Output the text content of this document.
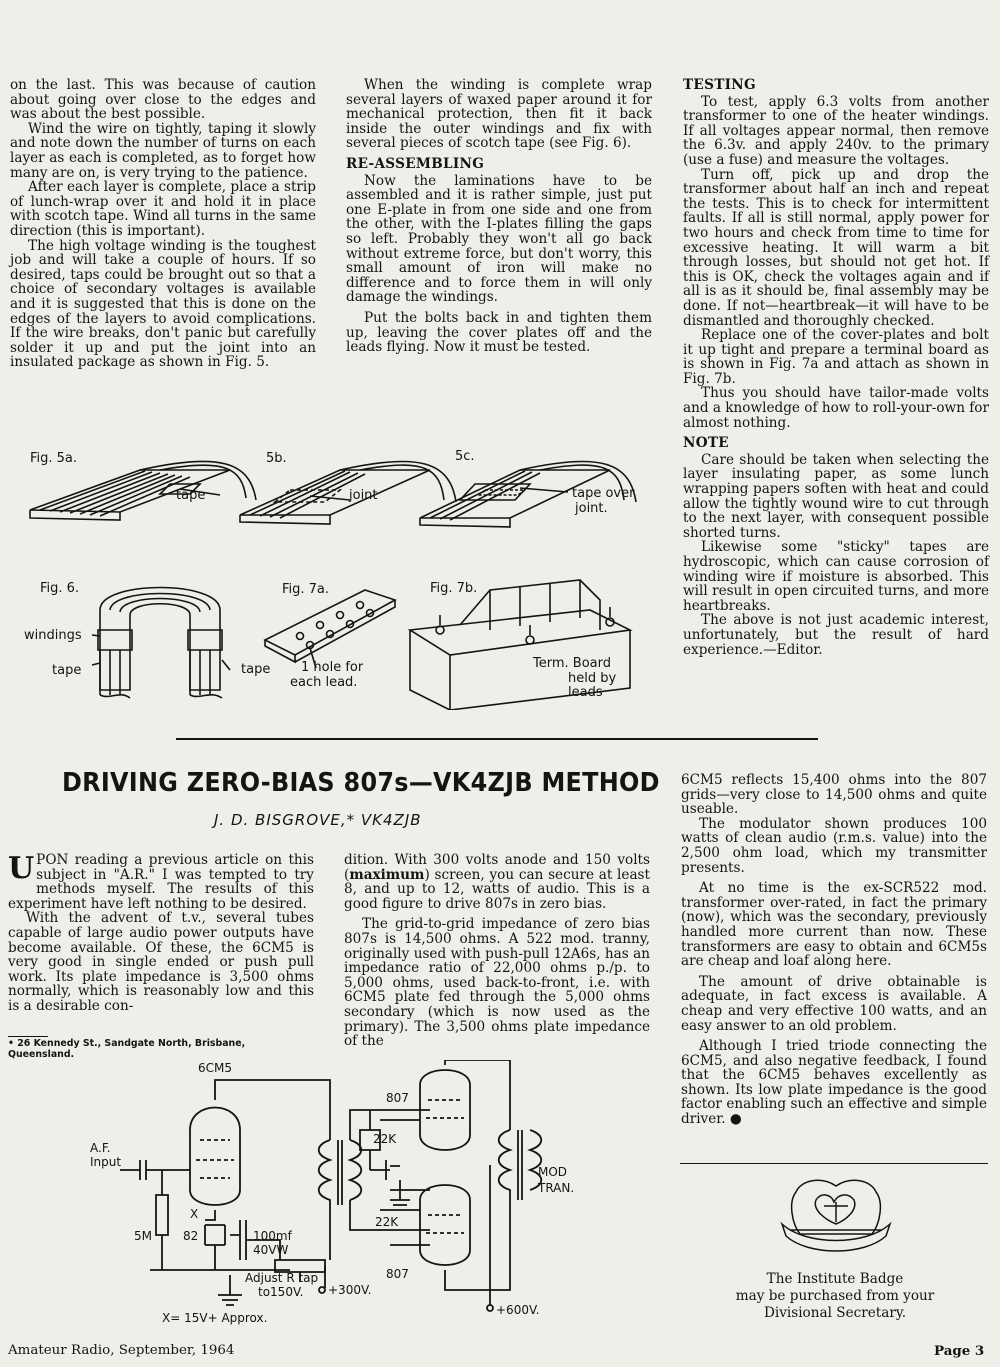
on the last. This was because of caution about going over close to the edges and was about the best possible.

Wind the wire on tightly, taping it slowly and note down the number of turns on each layer as each is completed, as to forget how many are on, is very trying to the patience.

After each layer is complete, place a strip of lunch-wrap over it and hold it in place with scotch tape. Wind all turns in the same direction (this is important).

The high voltage winding is the toughest job and will take a couple of hours. If so desired, taps could be brought out so that a choice of secondary voltages is available and it is suggested that this is done on the edges of the layers to avoid complications. If the wire breaks, don't panic but carefully solder it up and put the joint into an insulated package as shown in Fig. 5.

When the winding is complete wrap several layers of waxed paper around it for mechanical protection, then fit it back inside the outer windings and fix with several pieces of scotch tape (see Fig. 6).

RE-ASSEMBLING

Now the laminations have to be assembled and it is rather simple, just put one E-plate in from one side and one from the other, with the I-plates filling the gaps so left. Probably they won't all go back without extreme force, but don't worry, this small amount of iron will make no difference and to force them in will only damage the windings.

Put the bolts back in and tighten them up, leaving the cover plates off and the leads flying. Now it must be tested.

TESTING

To test, apply 6.3 volts from another transformer to one of the heater windings. If all voltages appear normal, then remove the 6.3v. and apply 240v. to the primary (use a fuse) and measure the voltages.

Turn off, pick up and drop the transformer about half an inch and repeat the tests. This is to check for intermittent faults. If all is still normal, apply power for two hours and check from time to time for excessive heating. It will warm a bit through losses, but should not get hot. If this is OK, check the voltages again and if all is as it should be, final assembly may be done. If not—heartbreak—it will have to be dismantled and thoroughly checked.

Replace one of the cover-plates and bolt it up tight and prepare a terminal board as is shown in Fig. 7a and attach as shown in Fig. 7b.

Thus you should have tailor-made volts and a knowledge of how to roll-your-own for almost nothing.

NOTE

Care should be taken when selecting the layer insulating paper, as some lunch wrapping papers soften with heat and could allow the tightly wound wire to cut through to the next layer, with consequent possible shorted turns.

Likewise some "sticky" tapes are hydroscopic, which can cause corrosion of winding wire if moisture is absorbed. This will result in open circuited turns, and more heartbreaks.

The above is not just academic interest, unfortunately, but the result of hard experience.—Editor.

Fig. 5a.	5b.	5c.
tape	joint	tape over
joint.
Fig. 6.
windings
tape	tape
Fig. 7a.
1 hole for
each lead.
Fig. 7b.
Term. Board
held by
leads
DRIVING ZERO-BIAS 807s—VK4ZJB METHOD
J. D. BISGROVE,* VK4ZJB

UPON reading a previous article on this subject in "A.R." I was tempted to try methods myself. The results of this experiment have left nothing to be desired.

With the advent of t.v., several tubes capable of large audio power outputs have become available. Of these, the 6CM5 is very good in single ended or push pull work. Its plate impedance is 3,500 ohms normally, which is reasonably low and this is a desirable con-

• 26 Kennedy St., Sandgate North, Brisbane, Queensland.

dition. With 300 volts anode and 150 volts (maximum) screen, you can secure at least 8, and up to 12, watts of audio. This is a good figure to drive 807s in zero bias.

The grid-to-grid impedance of zero bias 807s is 14,500 ohms. A 522 mod. tranny, originally used with push-pull 12A6s, has an impedance ratio of 22,000 ohms p./p. to 5,000 ohms, used back-to-front, i.e. with 6CM5 plate fed through the 5,000 ohms secondary (which is now used as the primary). The 3,500 ohms plate impedance of the

6CM5 reflects 15,400 ohms into the 807 grids—very close to 14,500 ohms and quite useable.

The modulator shown produces 100 watts of clean audio (r.m.s. value) into the 2,500 ohm load, which my transmitter presents.

At no time is the ex-SCR522 mod. transformer over-rated, in fact the primary (now), which was the secondary, previously handled more current than now. These transformers are easy to obtain and 6CM5s are cheap and loaf along here.

The amount of drive obtainable is adequate, in fact excess is available. A cheap and very effective 100 watts, and an easy answer to an old problem.

Although I tried triode connecting the 6CM5, and also negative feedback, I found that the 6CM5 behaves excellently as shown. Its low plate impedance is the good factor enabling such an effective and simple driver. ●

6CM5
A.F.
Input
5M
X
82	100mf
40VW
Adjust R tap
to150V.
X= 15V+ Approx.
+300V.
807
807
22K
22K
MOD
TRAN.
+600V.
The Institute Badge
may be purchased from your
Divisional Secretary.
Amateur Radio, September, 1964	Page 3
